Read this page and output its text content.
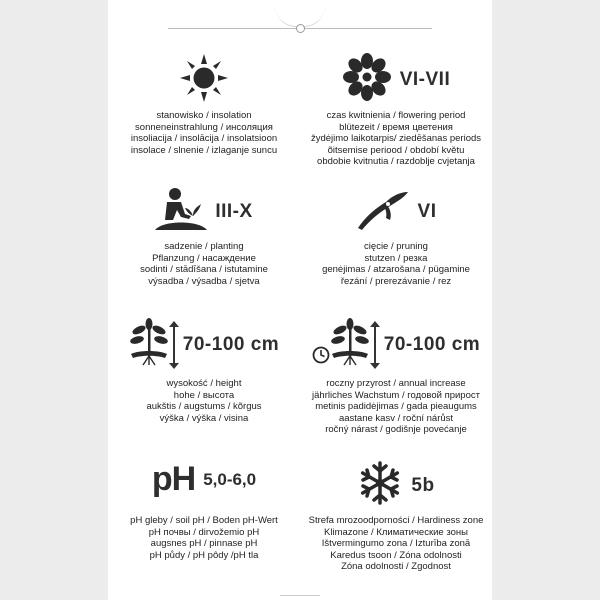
stanowisko / insolation
sonneneinstrahlung / инсоляция
insoliacija / insolācija / insolatsioon
insolace / slnenie / izlaganje suncu
VI-VII
czas kwitnienia / flowering period
blütezeit / время цветения
žydėjimo laikotarpis/ ziedēšanas periods
õitsemise periood / období květu
obdobie kvitnutia / razdoblje cvjetanja
III-X
sadzenie / planting
Pflanzung / насаждение
sodinti / stādīšana / istutamine
výsadba / výsadba / sjetva
VI
cięcie / pruning
stutzen / резка
genėjimas / atzarošana / pügamine
řezání / prerezávanie / rez
70-100 cm
wysokość / height
hohe / высота
aukštis / augstums / kõrgus
výška / výška / visina
70-100 cm
roczny przyrost / annual increase
jährliches Wachstum / годовой прирост
metinis padidėjimas / gada pieaugums
aastane kasv / roční nárůst
ročný nárast / godišnje povećanje
pH 5,0-6,0
pH gleby / soil pH / Boden pH-Wert
pH почвы / dirvožemio pH
augsnes pH / pinnase pH
pH půdy / pH pôdy /pH tla
5b
Strefa mrozoodporności / Hardiness zone
Klimazone / Климатические зоны
Ištvermingumo zona / Izturība zonā
Karedus tsoon / Zóna odolnosti
Zóna odolnosti / Zgodnost
